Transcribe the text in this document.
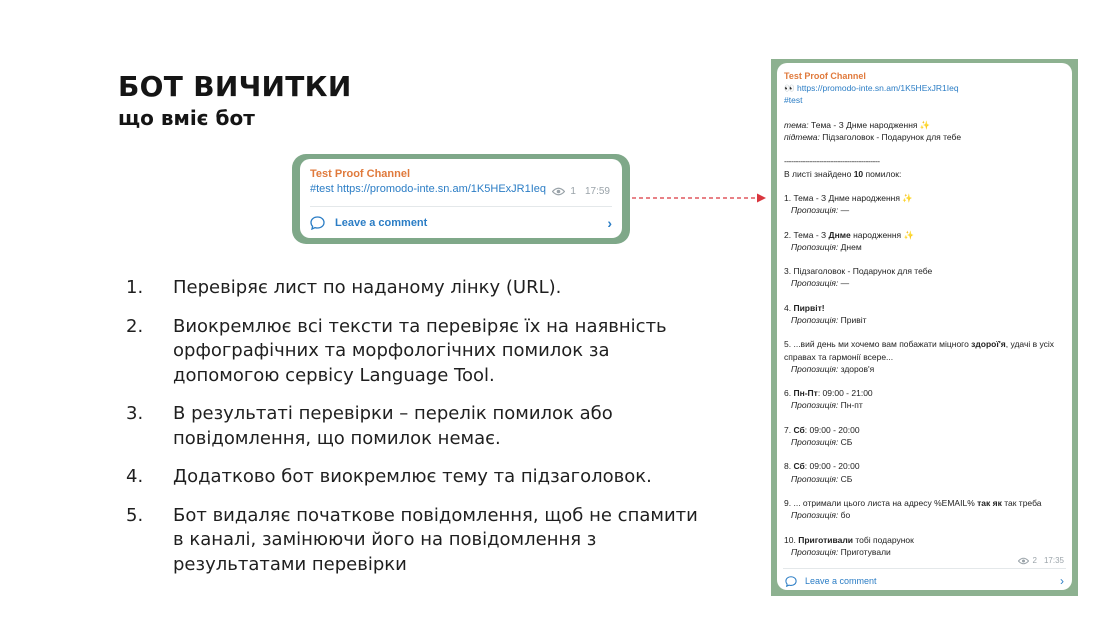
БОТ ВИЧИТКИ
що вміє бот
Test Proof Channel
#test https://promodo-inte.sn.am/1K5HExJR1Ieq 1 17:59
Leave a comment	›
1.	Перевіряє лист по наданому лінку (URL).
2.	Виокремлює всі тексти та перевіряє їх на наявність орфографічних та морфологічних помилок за допомогою сервісу Language Tool.
3.	В результаті перевірки – перелік помилок або повідомлення, що помилок немає.
4.	Додатково бот виокремлює тему та підзаголовок.
5.	Бот видаляє початкове повідомлення, щоб не спамити в каналі, замінюючи його на повідомлення з результатами перевірки
Test Proof Channel
👀 https://promodo-inte.sn.am/1K5HExJR1Ieq
#test
тема: Тема - З Днме народження ✨
підтема: Підзаголовок - Подарунок для тебе
-----------------------------------------
В листі знайдено 10 помилок:
1. Тема - З Днме народження ✨
Пропозиція: —
2. Тема - З Днме народження ✨
Пропозиція: Днем
3. Підзаголовок - Подарунок для тебе
Пропозиція: —
4. Пирвіт!
Пропозиція: Привіт
5. ...вий день ми хочемо вам побажати міцного здорої'я, удачі в усіх справах та гармонії всере...
Пропозиція: здоров'я
6. Пн-Пт: 09:00 - 21:00
Пропозиція: Пн-пт
7. Сб: 09:00 - 20:00
Пропозиція: СБ
8. Сб: 09:00 - 20:00
Пропозиція: СБ
9. ... отримали цього листа на адресу %EMAIL% так як так треба
Пропозиція: бо
10. Приготивали тобі подарунок
Пропозиція: Приготували
2 17:35
Leave a comment	›
